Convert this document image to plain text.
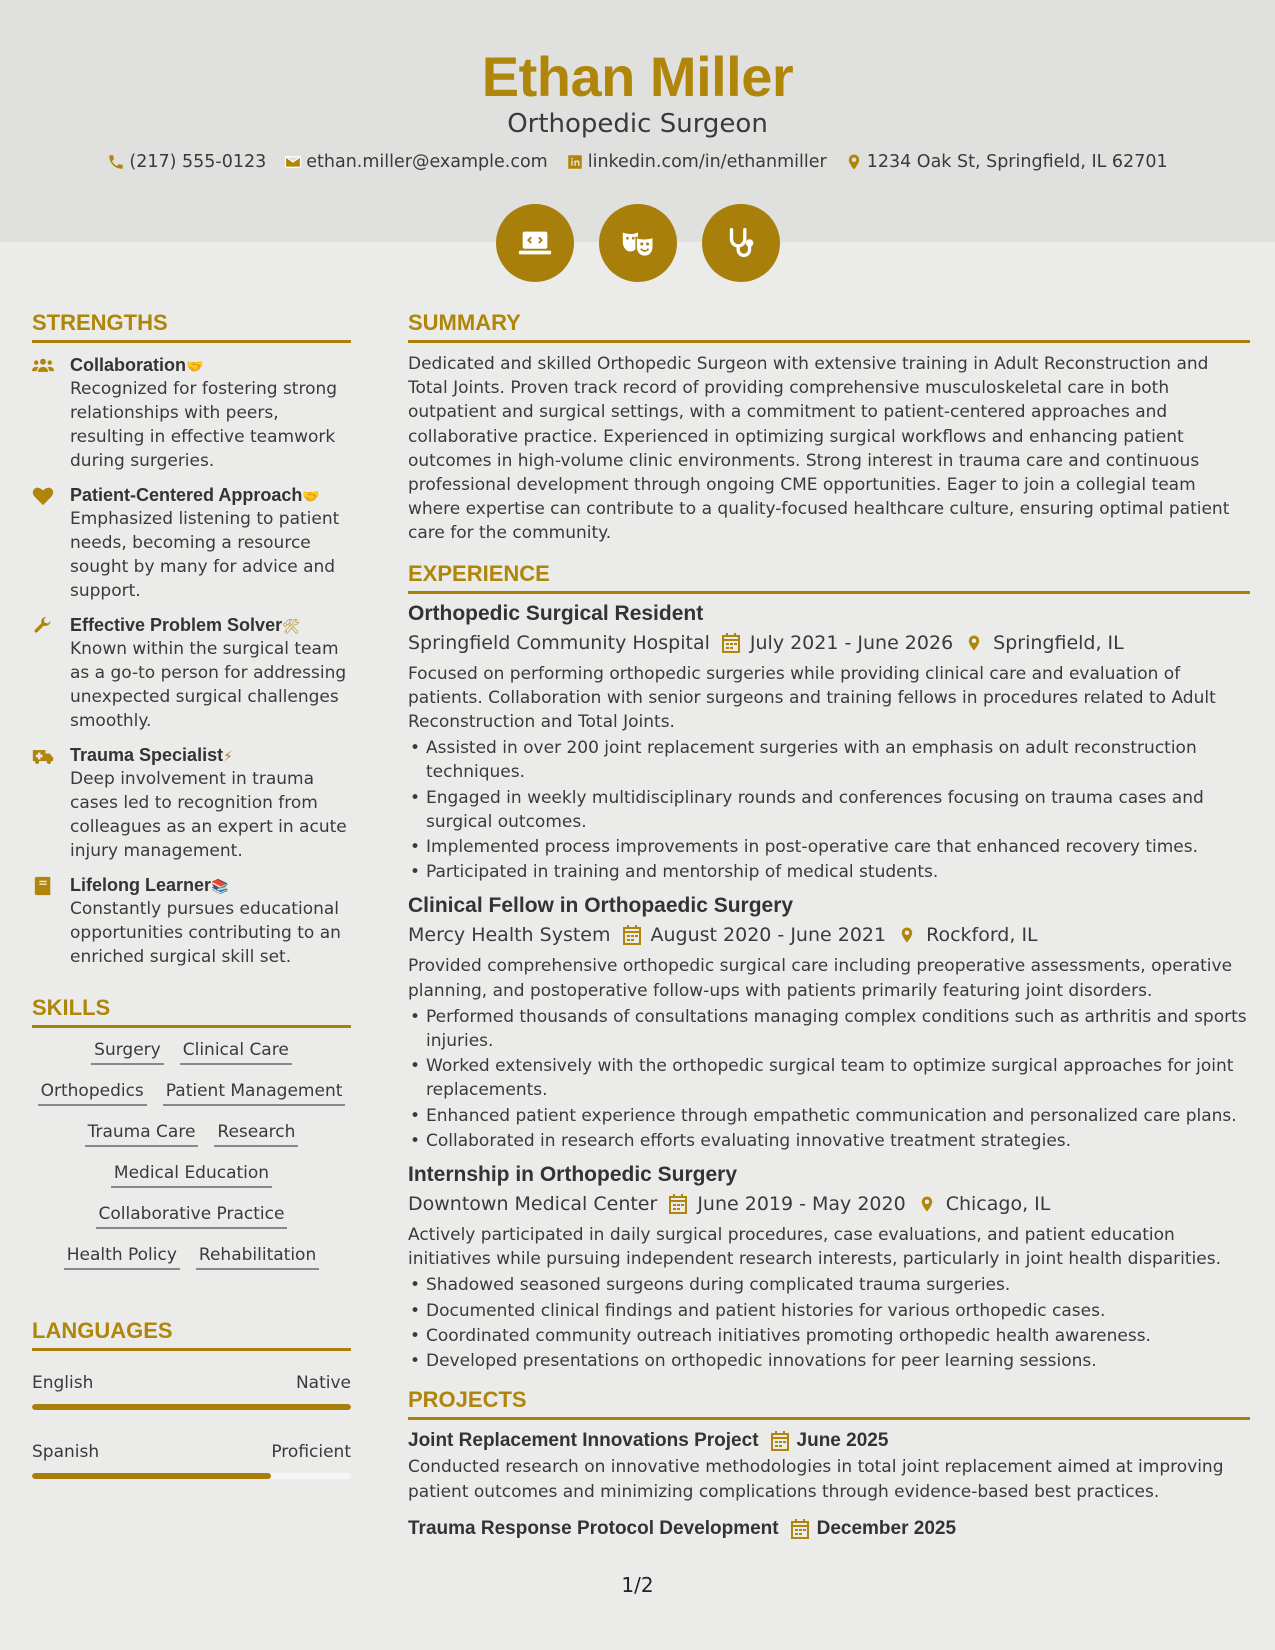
Ethan Miller
Orthopedic Surgeon
(217) 555-0123 ethan.miller@example.com linkedin.com/in/ethanmiller 1234 Oak St, Springfield, IL 62701
STRENGTHS
Collaboration🤝
Recognized for fostering strong relationships with peers, resulting in effective teamwork during surgeries.
Patient-Centered Approach🤝
Emphasized listening to patient needs, becoming a resource sought by many for advice and support.
Effective Problem Solver🛠
Known within the surgical team as a go-to person for addressing unexpected surgical challenges smoothly.
Trauma Specialist⚡
Deep involvement in trauma cases led to recognition from colleagues as an expert in acute injury management.
Lifelong Learner📚
Constantly pursues educational opportunities contributing to an enriched surgical skill set.
SKILLS
Surgery Clinical Care
Orthopedics Patient Management
Trauma Care Research
Medical Education
Collaborative Practice
Health Policy Rehabilitation
LANGUAGES
English	Native
Spanish	Proficient
SUMMARY
Dedicated and skilled Orthopedic Surgeon with extensive training in Adult Reconstruction and Total Joints. Proven track record of providing comprehensive musculoskeletal care in both outpatient and surgical settings, with a commitment to patient-centered approaches and collaborative practice. Experienced in optimizing surgical workflows and enhancing patient outcomes in high-volume clinic environments. Strong interest in trauma care and continuous professional development through ongoing CME opportunities. Eager to join a collegial team where expertise can contribute to a quality-focused healthcare culture, ensuring optimal patient care for the community.
EXPERIENCE
Orthopedic Surgical Resident
Springfield Community Hospital July 2021 - June 2026 Springfield, IL
Focused on performing orthopedic surgeries while providing clinical care and evaluation of patients. Collaboration with senior surgeons and training fellows in procedures related to Adult Reconstruction and Total Joints.
• Assisted in over 200 joint replacement surgeries with an emphasis on adult reconstruction techniques.
• Engaged in weekly multidisciplinary rounds and conferences focusing on trauma cases and surgical outcomes.
• Implemented process improvements in post-operative care that enhanced recovery times.
• Participated in training and mentorship of medical students.
Clinical Fellow in Orthopaedic Surgery
Mercy Health System August 2020 - June 2021 Rockford, IL
Provided comprehensive orthopedic surgical care including preoperative assessments, operative planning, and postoperative follow-ups with patients primarily featuring joint disorders.
• Performed thousands of consultations managing complex conditions such as arthritis and sports injuries.
• Worked extensively with the orthopedic surgical team to optimize surgical approaches for joint replacements.
• Enhanced patient experience through empathetic communication and personalized care plans.
• Collaborated in research efforts evaluating innovative treatment strategies.
Internship in Orthopedic Surgery
Downtown Medical Center June 2019 - May 2020 Chicago, IL
Actively participated in daily surgical procedures, case evaluations, and patient education initiatives while pursuing independent research interests, particularly in joint health disparities.
• Shadowed seasoned surgeons during complicated trauma surgeries.
• Documented clinical findings and patient histories for various orthopedic cases.
• Coordinated community outreach initiatives promoting orthopedic health awareness.
• Developed presentations on orthopedic innovations for peer learning sessions.
PROJECTS
Joint Replacement Innovations Project June 2025
Conducted research on innovative methodologies in total joint replacement aimed at improving patient outcomes and minimizing complications through evidence-based best practices.
Trauma Response Protocol Development December 2025
1/2
